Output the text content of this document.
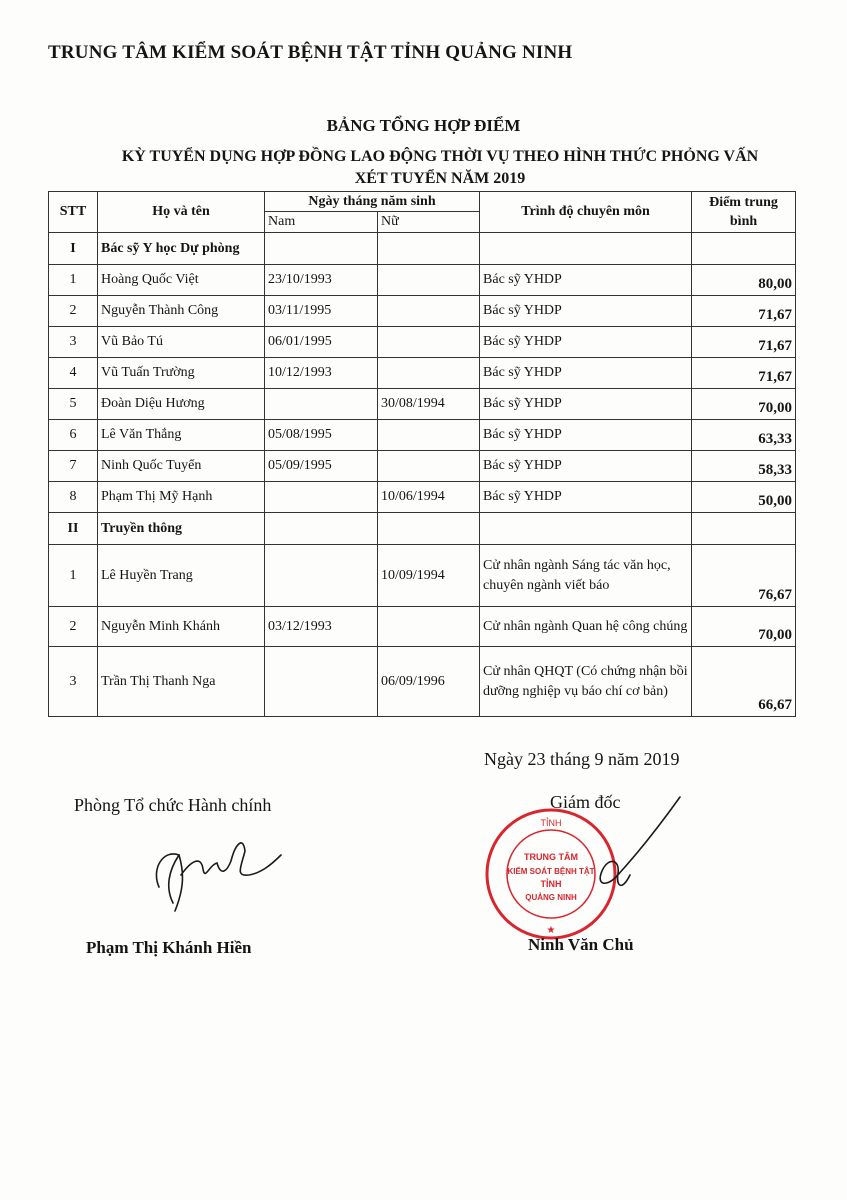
TRUNG TÂM KIỂM SOÁT BỆNH TẬT TỈNH QUẢNG NINH
BẢNG TỔNG HỢP ĐIỂM
KỲ TUYỂN DỤNG HỢP ĐỒNG LAO ĐỘNG THỜI VỤ THEO HÌNH THỨC PHỎNG VẤN
XÉT TUYỂN NĂM 2019
STT	Họ và tên	Ngày tháng năm sinh		Trình độ chuyên môn	Điểm trung bình
		Nam	Nữ		
I	Bác sỹ Y học Dự phòng				
1	Hoàng Quốc Việt	23/10/1993		Bác sỹ YHDP	80,00
2	Nguyễn Thành Công	03/11/1995		Bác sỹ YHDP	71,67
3	Vũ Bảo Tú	06/01/1995		Bác sỹ YHDP	71,67
4	Vũ Tuấn Trường	10/12/1993		Bác sỹ YHDP	71,67
5	Đoàn Diệu Hương		30/08/1994	Bác sỹ YHDP	70,00
6	Lê Văn Thắng	05/08/1995		Bác sỹ YHDP	63,33
7	Ninh Quốc Tuyển	05/09/1995		Bác sỹ YHDP	58,33
8	Phạm Thị Mỹ Hạnh		10/06/1994	Bác sỹ YHDP	50,00
II	Truyền thông				
1	Lê Huyền Trang		10/09/1994	Cử nhân ngành Sáng tác văn học, chuyên ngành viết báo	76,67
2	Nguyễn Minh Khánh	03/12/1993		Cử nhân ngành Quan hệ công chúng	70,00
3	Trần Thị Thanh Nga		06/09/1996	Cử nhân QHQT (Có chứng nhận bồi dưỡng nghiệp vụ báo chí cơ bản)	66,67
Ngày 23 tháng 9 năm 2019
Phòng Tổ chức Hành chính	Giám đốc
TỈNH
★
TRUNG TÂM
KIỂM SOÁT BỆNH TẬT
TỈNH
QUẢNG NINH
Phạm Thị Khánh Hiền	Ninh Văn Chủ
